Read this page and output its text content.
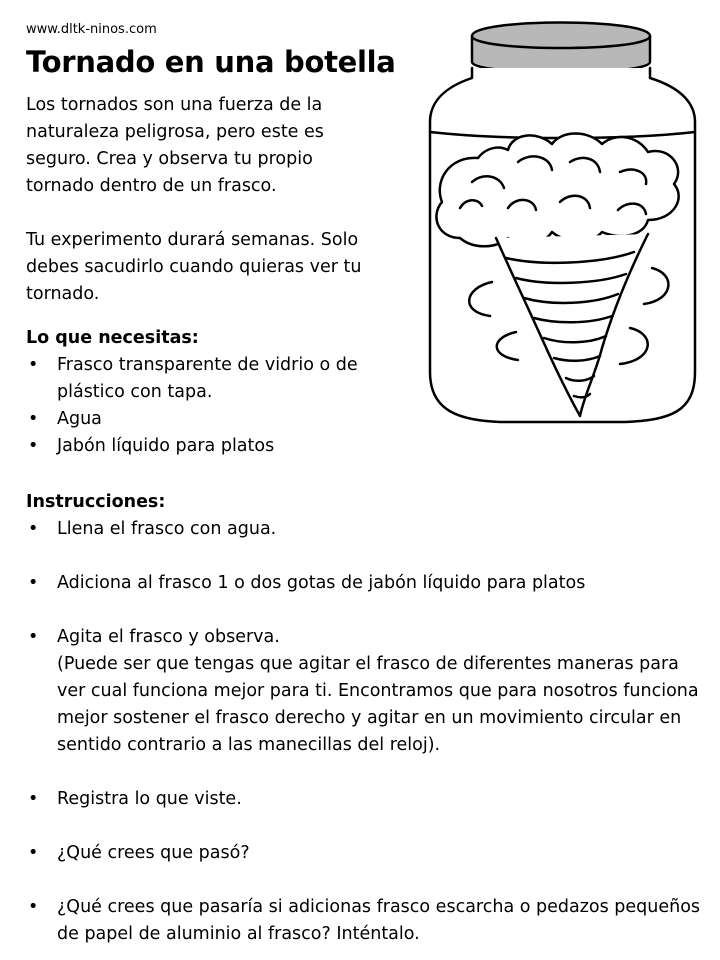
www.dltk-ninos.com
Tornado en una botella

Los tornados son una fuerza de la naturaleza peligrosa, pero este es seguro. Crea y observa tu propio tornado dentro de un frasco.

Tu experimento durará semanas. Solo debes sacudirlo cuando quieras ver tu tornado.

Lo que necesitas:
• Frasco transparente de vidrio o de plástico con tapa.
• Agua
• Jabón líquido para platos
Instrucciones:
• Llena el frasco con agua.
• Adiciona al frasco 1 o dos gotas de jabón líquido para platos
• Agita el frasco y observa.
(Puede ser que tengas que agitar el frasco de diferentes maneras para ver cual funciona mejor para ti. Encontramos que para nosotros funciona mejor sostener el frasco derecho y agitar en un movimiento circular en sentido contrario a las manecillas del reloj).
• Registra lo que viste.
• ¿Qué crees que pasó?
• ¿Qué crees que pasaría si adicionas frasco escarcha o pedazos pequeños de papel de aluminio al frasco? Inténtalo.
